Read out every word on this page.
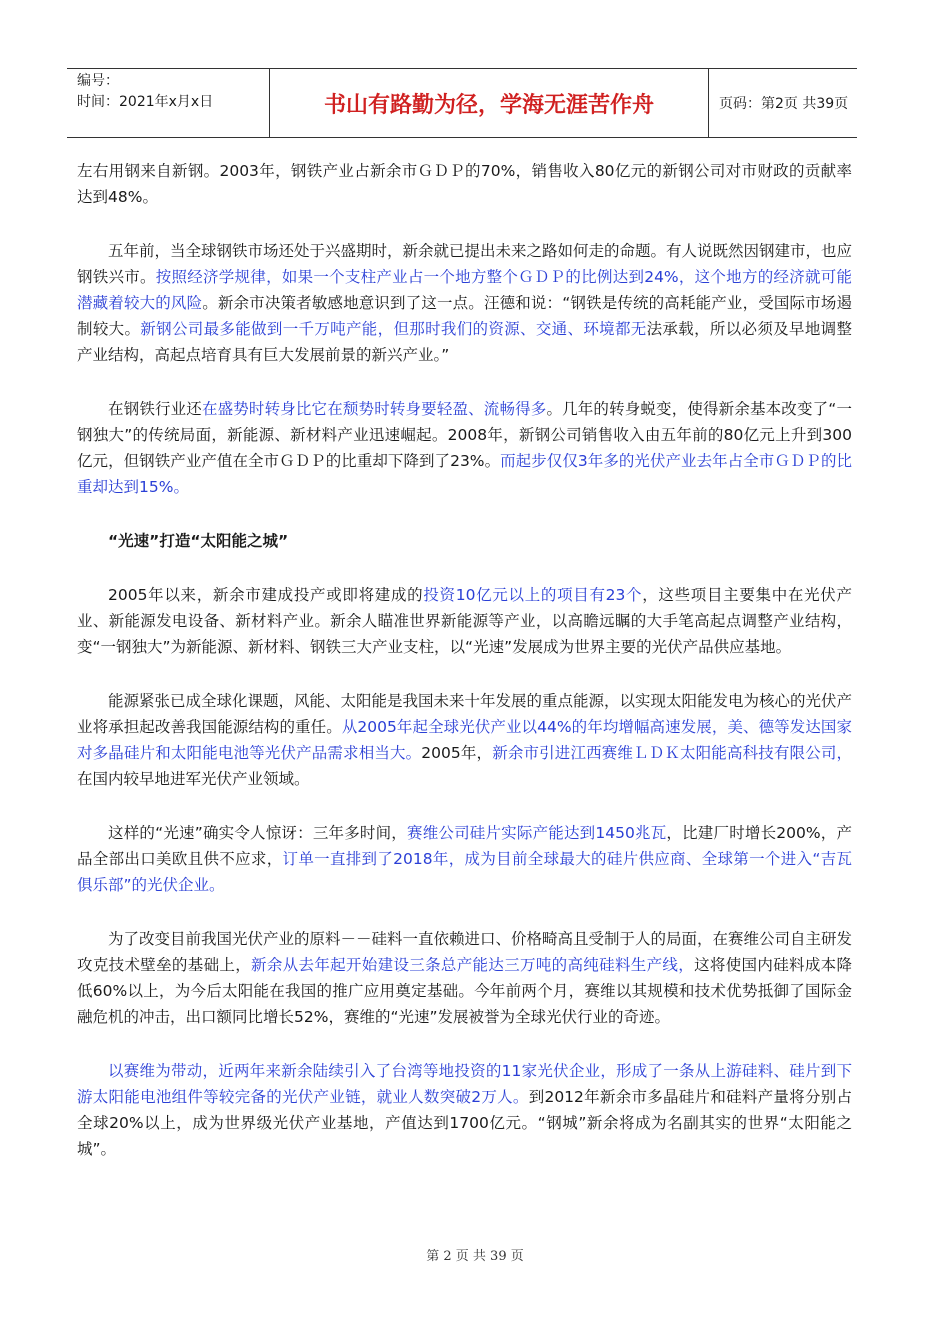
编号：
时间：2021年x月x日	书山有路勤为径，学海无涯苦作舟	页码：第2页 共39页

左右用钢来自新钢。2003年，钢铁产业占新余市ＧＤＰ的70%，销售收入80亿元的新钢公司对市财政的贡献率达到48%。

五年前，当全球钢铁市场还处于兴盛期时，新余就已提出未来之路如何走的命题。有人说既然因钢建市，也应钢铁兴市。按照经济学规律，如果一个支柱产业占一个地方整个ＧＤＰ的比例达到24%，这个地方的经济就可能潜藏着较大的风险。新余市决策者敏感地意识到了这一点。汪德和说：“钢铁是传统的高耗能产业，受国际市场遏制较大。新钢公司最多能做到一千万吨产能，但那时我们的资源、交通、环境都无法承载，所以必须及早地调整产业结构，高起点培育具有巨大发展前景的新兴产业。”

在钢铁行业还在盛势时转身比它在颓势时转身要轻盈、流畅得多。几年的转身蜕变，使得新余基本改变了“一钢独大”的传统局面，新能源、新材料产业迅速崛起。2008年，新钢公司销售收入由五年前的80亿元上升到300亿元，但钢铁产业产值在全市ＧＤＰ的比重却下降到了23%。而起步仅仅3年多的光伏产业去年占全市ＧＤＰ的比重却达到15%。

“光速”打造“太阳能之城”

2005年以来，新余市建成投产或即将建成的投资10亿元以上的项目有23个，这些项目主要集中在光伏产业、新能源发电设备、新材料产业。新余人瞄准世界新能源等产业，以高瞻远瞩的大手笔高起点调整产业结构，变“一钢独大”为新能源、新材料、钢铁三大产业支柱，以“光速”发展成为世界主要的光伏产品供应基地。

能源紧张已成全球化课题，风能、太阳能是我国未来十年发展的重点能源，以实现太阳能发电为核心的光伏产业将承担起改善我国能源结构的重任。从2005年起全球光伏产业以44%的年均增幅高速发展，美、德等发达国家对多晶硅片和太阳能电池等光伏产品需求相当大。2005年，新余市引进江西赛维ＬＤＫ太阳能高科技有限公司，在国内较早地进军光伏产业领域。

这样的“光速”确实令人惊讶：三年多时间，赛维公司硅片实际产能达到1450兆瓦，比建厂时增长200%，产品全部出口美欧且供不应求，订单一直排到了2018年，成为目前全球最大的硅片供应商、全球第一个进入“吉瓦俱乐部”的光伏企业。

为了改变目前我国光伏产业的原料－－硅料一直依赖进口、价格畸高且受制于人的局面，在赛维公司自主研发攻克技术壁垒的基础上，新余从去年起开始建设三条总产能达三万吨的高纯硅料生产线，这将使国内硅料成本降低60%以上，为今后太阳能在我国的推广应用奠定基础。今年前两个月，赛维以其规模和技术优势抵御了国际金融危机的冲击，出口额同比增长52%，赛维的“光速”发展被誉为全球光伏行业的奇迹。

以赛维为带动，近两年来新余陆续引入了台湾等地投资的11家光伏企业，形成了一条从上游硅料、硅片到下游太阳能电池组件等较完备的光伏产业链，就业人数突破2万人。到2012年新余市多晶硅片和硅料产量将分别占全球20%以上，成为世界级光伏产业基地，产值达到1700亿元。“钢城”新余将成为名副其实的世界“太阳能之城”。

第 2 页 共 39 页
